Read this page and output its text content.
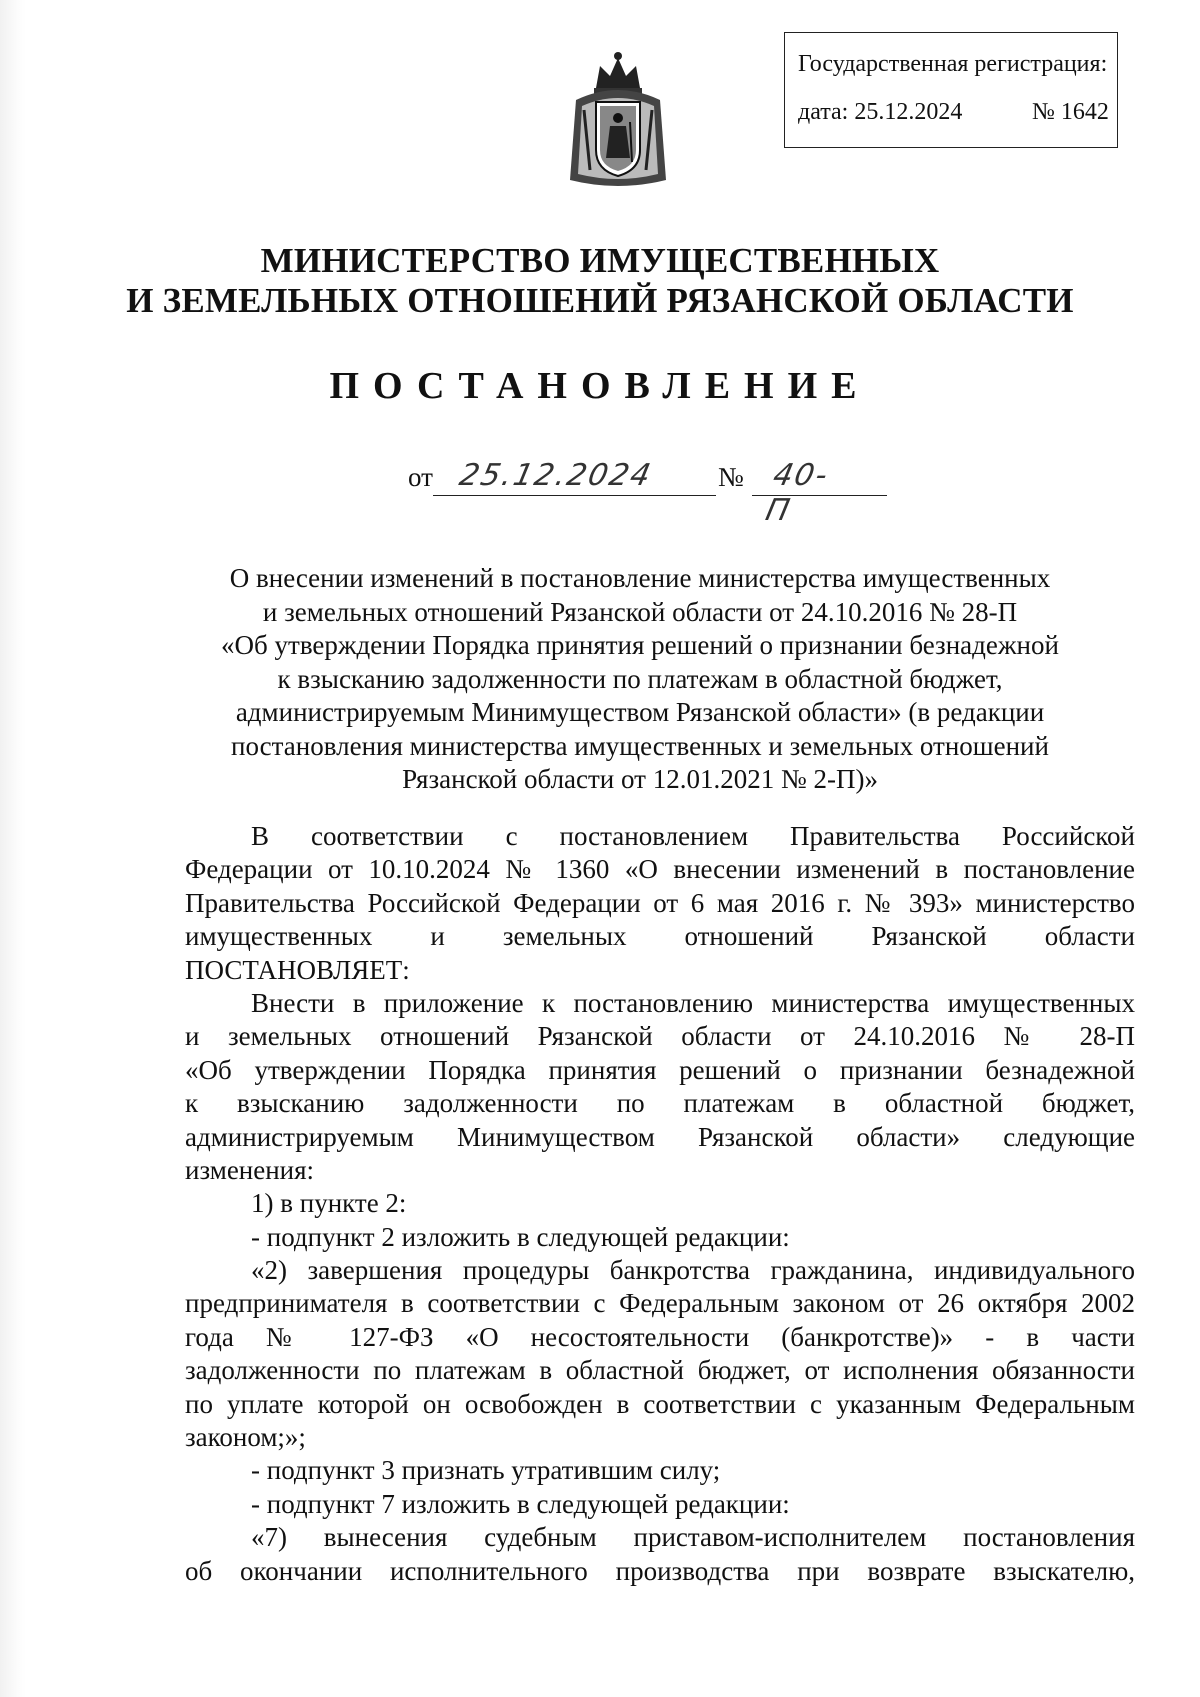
Государственная регистрация:
дата: 25.12.2024	№ 1642
МИНИСТЕРСТВО ИМУЩЕСТВЕННЫХ
И ЗЕМЕЛЬНЫХ ОТНОШЕНИЙ РЯЗАНСКОЙ ОБЛАСТИ
ПОСТАНОВЛЕНИЕ
от 25.12.2024 № 40-П
О внесении изменений в постановление министерства имущественных
и земельных отношений Рязанской области от 24.10.2016 № 28-П
«Об утверждении Порядка принятия решений о признании безнадежной
к взысканию задолженности по платежам в областной бюджет,
администрируемым Минимуществом Рязанской области» (в редакции
постановления министерства имущественных и земельных отношений
Рязанской области от 12.01.2021 № 2-П)»
В соответствии с постановлением Правительства Российской
Федерации от 10.10.2024 № 1360 «О внесении изменений в постановление
Правительства Российской Федерации от 6 мая 2016 г. № 393» министерство
имущественных и земельных отношений Рязанской области
ПОСТАНОВЛЯЕТ:
Внести в приложение к постановлению министерства имущественных
и земельных отношений Рязанской области от 24.10.2016 № 28-П
«Об утверждении Порядка принятия решений о признании безнадежной
к взысканию задолженности по платежам в областной бюджет,
администрируемым Минимуществом Рязанской области» следующие
изменения:
1) в пункте 2:
- подпункт 2 изложить в следующей редакции:
«2) завершения процедуры банкротства гражданина, индивидуального
предпринимателя в соответствии с Федеральным законом от 26 октября 2002
года № 127-ФЗ «О несостоятельности (банкротстве)» - в части
задолженности по платежам в областной бюджет, от исполнения обязанности
по уплате которой он освобожден в соответствии с указанным Федеральным
законом;»;
- подпункт 3 признать утратившим силу;
- подпункт 7 изложить в следующей редакции:
«7) вынесения судебным приставом-исполнителем постановления
об окончании исполнительного производства при возврате взыскателю,
